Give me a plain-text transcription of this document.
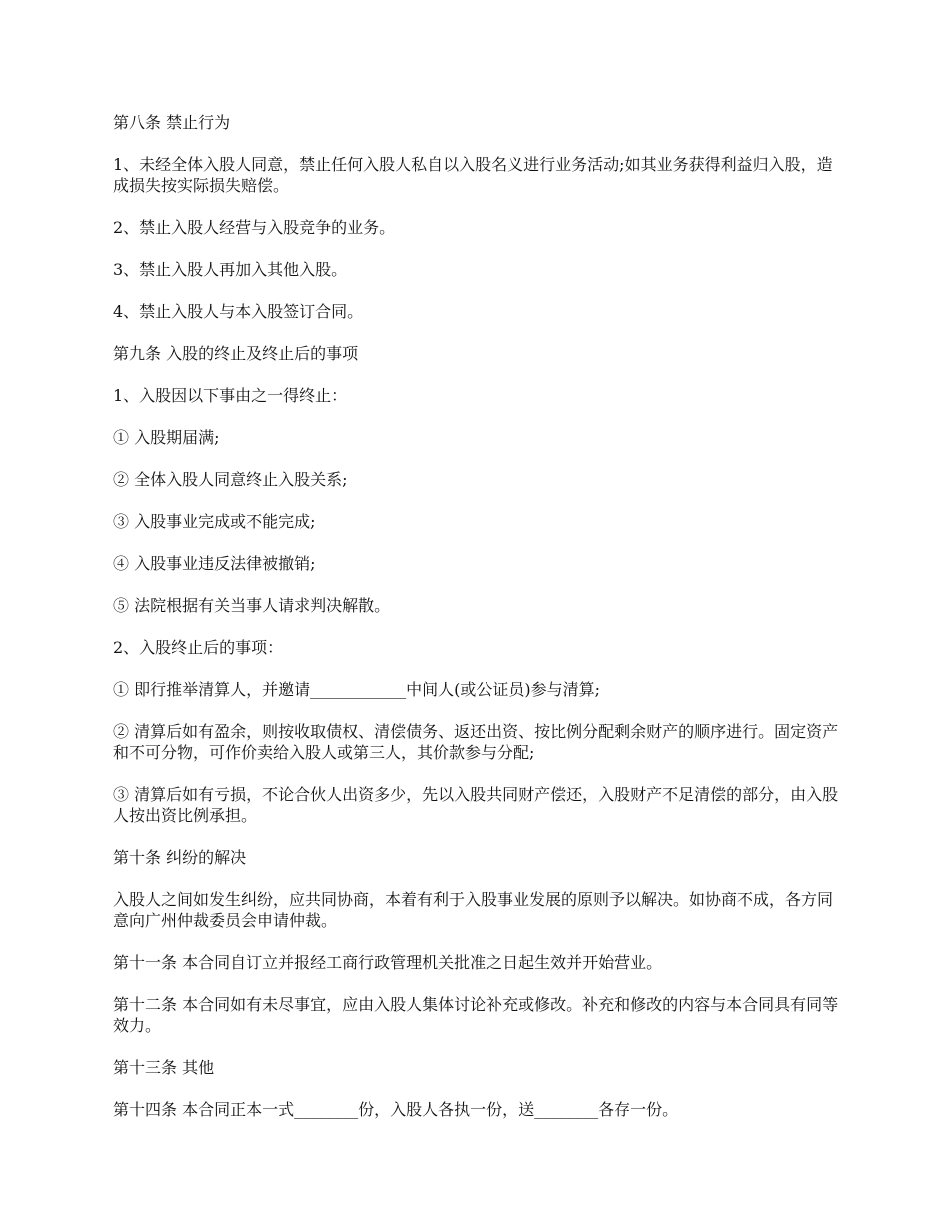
第八条 禁止行为

1、未经全体入股人同意，禁止任何入股人私自以入股名义进行业务活动;如其业务获得利益归入股，造成损失按实际损失赔偿。

2、禁止入股人经营与入股竞争的业务。

3、禁止入股人再加入其他入股。

4、禁止入股人与本入股签订合同。

第九条 入股的终止及终止后的事项

1、入股因以下事由之一得终止：

① 入股期届满;

② 全体入股人同意终止入股关系;

③ 入股事业完成或不能完成;

④ 入股事业违反法律被撤销;

⑤ 法院根据有关当事人请求判决解散。

2、入股终止后的事项：

① 即行推举清算人，并邀请____________中间人(或公证员)参与清算;

② 清算后如有盈余，则按收取债权、清偿债务、返还出资、按比例分配剩余财产的顺序进行。固定资产和不可分物，可作价卖给入股人或第三人，其价款参与分配;

③ 清算后如有亏损，不论合伙人出资多少，先以入股共同财产偿还，入股财产不足清偿的部分，由入股人按出资比例承担。

第十条 纠纷的解决

入股人之间如发生纠纷，应共同协商，本着有利于入股事业发展的原则予以解决。如协商不成，各方同意向广州仲裁委员会申请仲裁。

第十一条 本合同自订立并报经工商行政管理机关批准之日起生效并开始营业。

第十二条 本合同如有未尽事宜，应由入股人集体讨论补充或修改。补充和修改的内容与本合同具有同等效力。

第十三条 其他

第十四条 本合同正本一式________份，入股人各执一份，送________各存一份。
